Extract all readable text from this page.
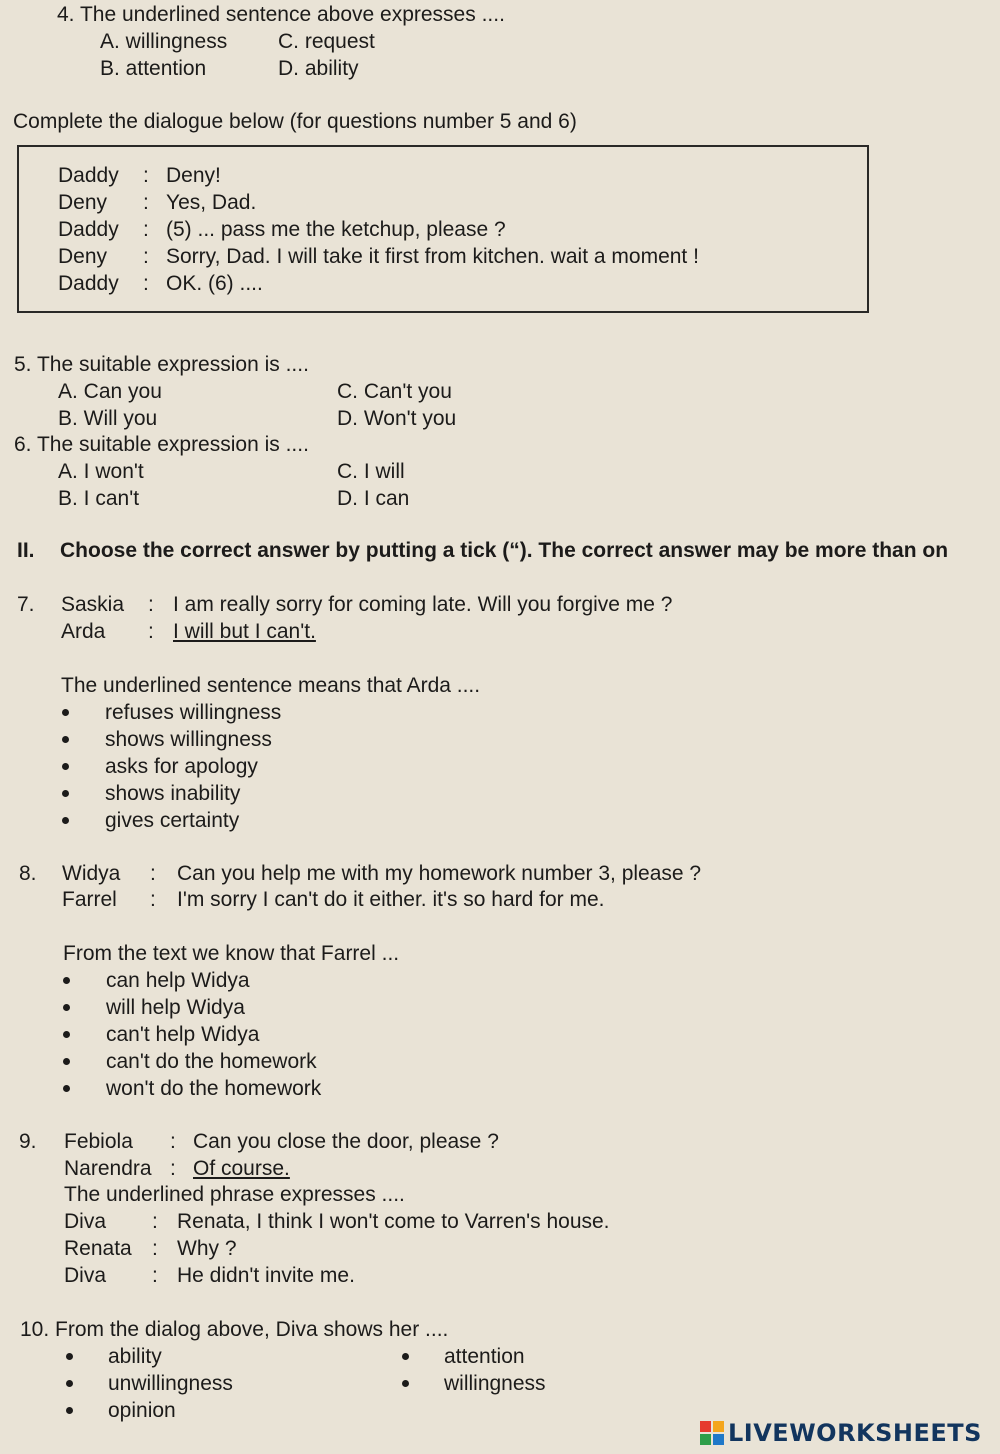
4. The underlined sentence above expresses ....
A. willingness C. request
B. attention	D. ability
Complete the dialogue below (for questions number 5 and 6)
Daddy : Deny!
Deny : Yes, Dad.
Daddy : (5) ... pass me the ketchup, please ?
Deny : Sorry, Dad. I will take it first from kitchen. wait a moment !
Daddy : OK. (6) ....
5. The suitable expression is ....
A. Can you	C. Can't you
B. Will you	D. Won't you
6. The suitable expression is ....
A. I won't	C. I will
B. I can't	D. I can
II. Choose the correct answer by putting a tick (“). The correct answer may be more than on
7. Saskia : I am really sorry for coming late. Will you forgive me ?
Arda : I will but I can't.
The underlined sentence means that Arda ....
refuses willingness
shows willingness
asks for apology
shows inability
gives certainty
8. Widya : Can you help me with my homework number 3, please ?
Farrel : I'm sorry I can't do it either. it's so hard for me.
From the text we know that Farrel ...
can help Widya
will help Widya
can't help Widya
can't do the homework
won't do the homework
9. Febiola : Can you close the door, please ?
Narendra : Of course.
The underlined phrase expresses ....
Diva : Renata, I think I won't come to Varren's house.
Renata : Why ?
Diva : He didn't invite me.
10. From the dialog above, Diva shows her ....
ability	attention
unwillingness	willingness
opinion
LIVEWORKSHEETS
